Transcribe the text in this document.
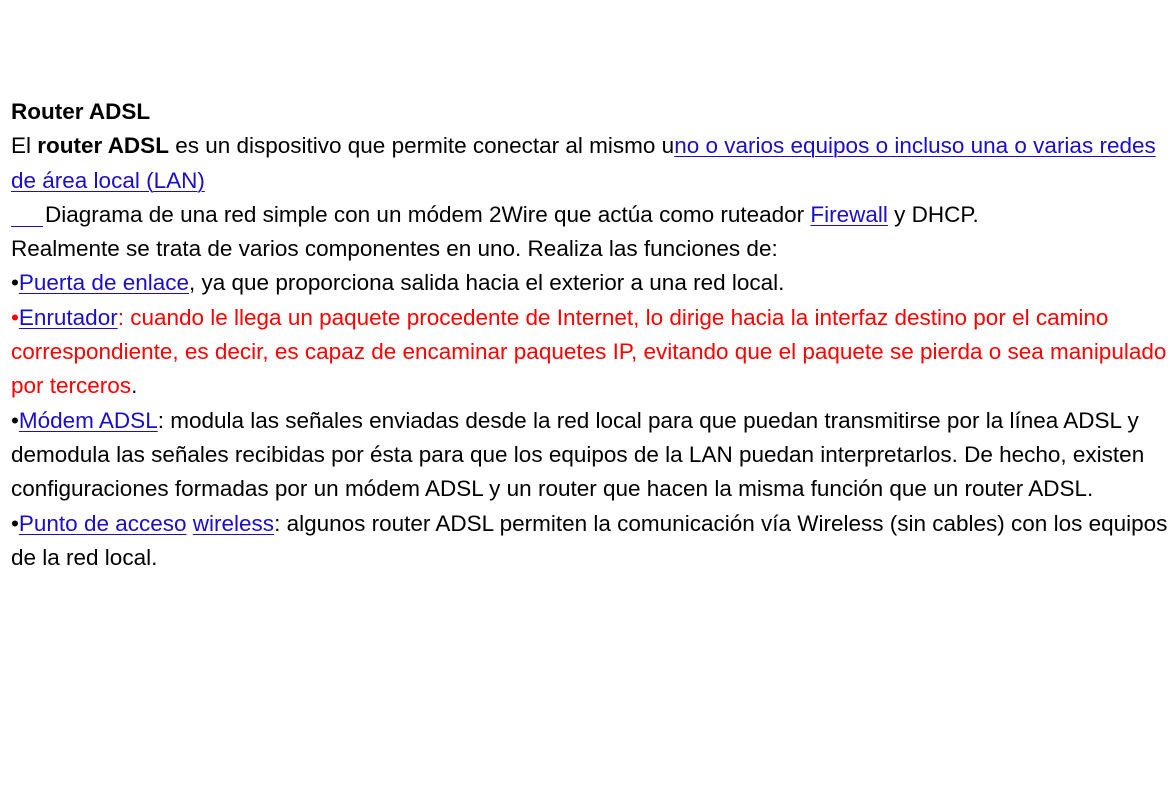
Router ADSL

El router ADSL es un dispositivo que permite conectar al mismo uno o varios equipos o incluso una o varias redes de área local (LAN)

Diagrama de una red simple con un módem 2Wire que actúa como ruteador Firewall y DHCP.

Realmente se trata de varios componentes en uno. Realiza las funciones de:

•Puerta de enlace, ya que proporciona salida hacia el exterior a una red local.

•Enrutador: cuando le llega un paquete procedente de Internet, lo dirige hacia la interfaz destino por el camino correspondiente, es decir, es capaz de encaminar paquetes IP, evitando que el paquete se pierda o sea manipulado por terceros.

•Módem ADSL: modula las señales enviadas desde la red local para que puedan transmitirse por la línea ADSL y demodula las señales recibidas por ésta para que los equipos de la LAN puedan interpretarlos. De hecho, existen configuraciones formadas por un módem ADSL y un router que hacen la misma función que un router ADSL.

•Punto de acceso wireless: algunos router ADSL permiten la comunicación vía Wireless (sin cables) con los equipos de la red local.
